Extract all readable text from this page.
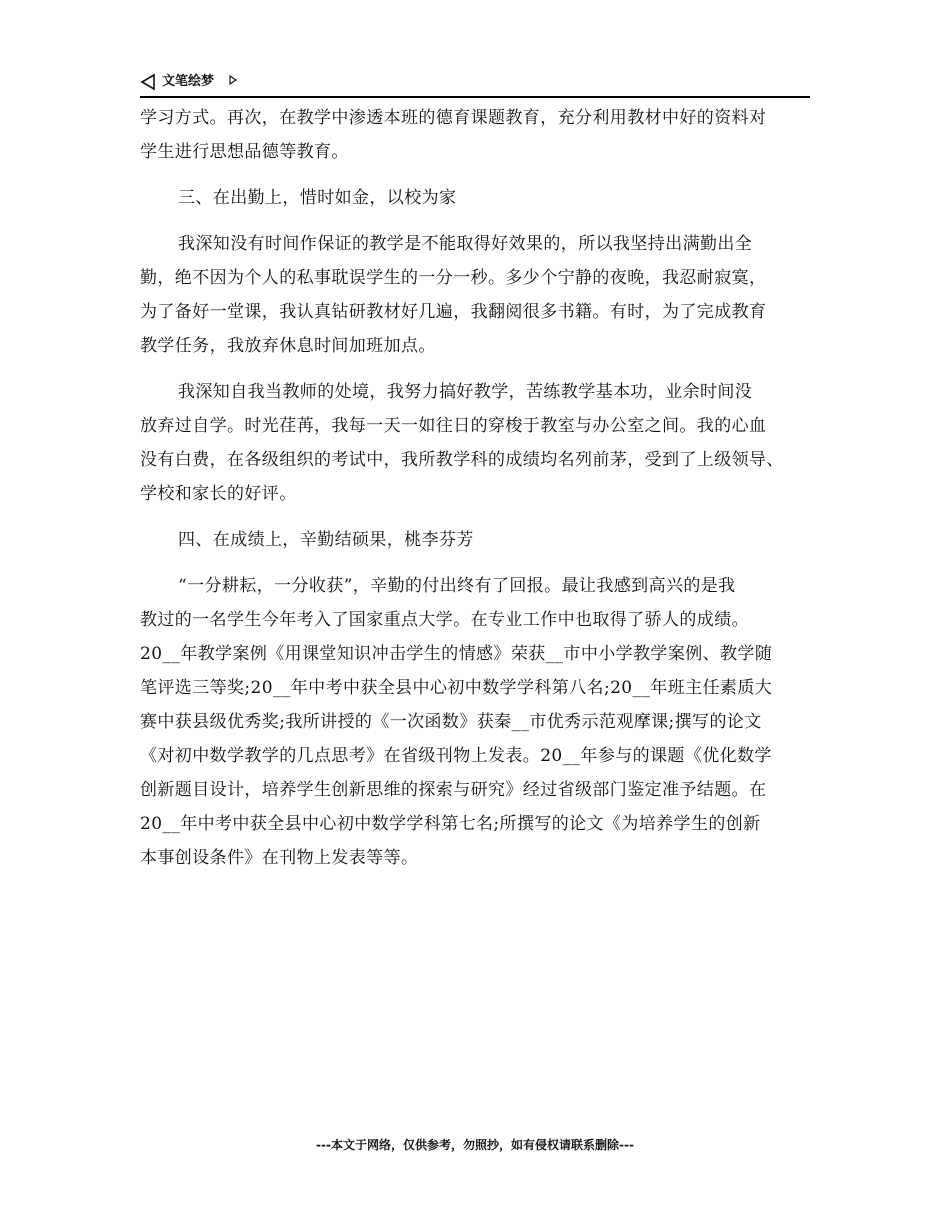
文笔绘梦
学习方式。再次，在教学中渗透本班的德育课题教育，充分利用教材中好的资料对
学生进行思想品德等教育。
三、在出勤上，惜时如金，以校为家
我深知没有时间作保证的教学是不能取得好效果的，所以我坚持出满勤出全
勤，绝不因为个人的私事耽误学生的一分一秒。多少个宁静的夜晚，我忍耐寂寞，
为了备好一堂课，我认真钻研教材好几遍，我翻阅很多书籍。有时，为了完成教育
教学任务，我放弃休息时间加班加点。
我深知自我当教师的处境，我努力搞好教学，苦练教学基本功，业余时间没
放弃过自学。时光荏苒，我每一天一如往日的穿梭于教室与办公室之间。我的心血
没有白费，在各级组织的考试中，我所教学科的成绩均名列前茅，受到了上级领导、
学校和家长的好评。
四、在成绩上，辛勤结硕果，桃李芬芳
“一分耕耘，一分收获”，辛勤的付出终有了回报。最让我感到高兴的是我
教过的一名学生今年考入了国家重点大学。在专业工作中也取得了骄人的成绩。
20__年教学案例《用课堂知识冲击学生的情感》荣获__市中小学教学案例、教学随
笔评选三等奖;20__年中考中获全县中心初中数学学科第八名;20__年班主任素质大
赛中获县级优秀奖;我所讲授的《一次函数》获秦__市优秀示范观摩课;撰写的论文
《对初中数学教学的几点思考》在省级刊物上发表。20__年参与的课题《优化数学
创新题目设计，培养学生创新思维的探索与研究》经过省级部门鉴定准予结题。在
20__年中考中获全县中心初中数学学科第七名;所撰写的论文《为培养学生的创新
本事创设条件》在刊物上发表等等。
---本文于网络，仅供参考，勿照抄，如有侵权请联系删除---
